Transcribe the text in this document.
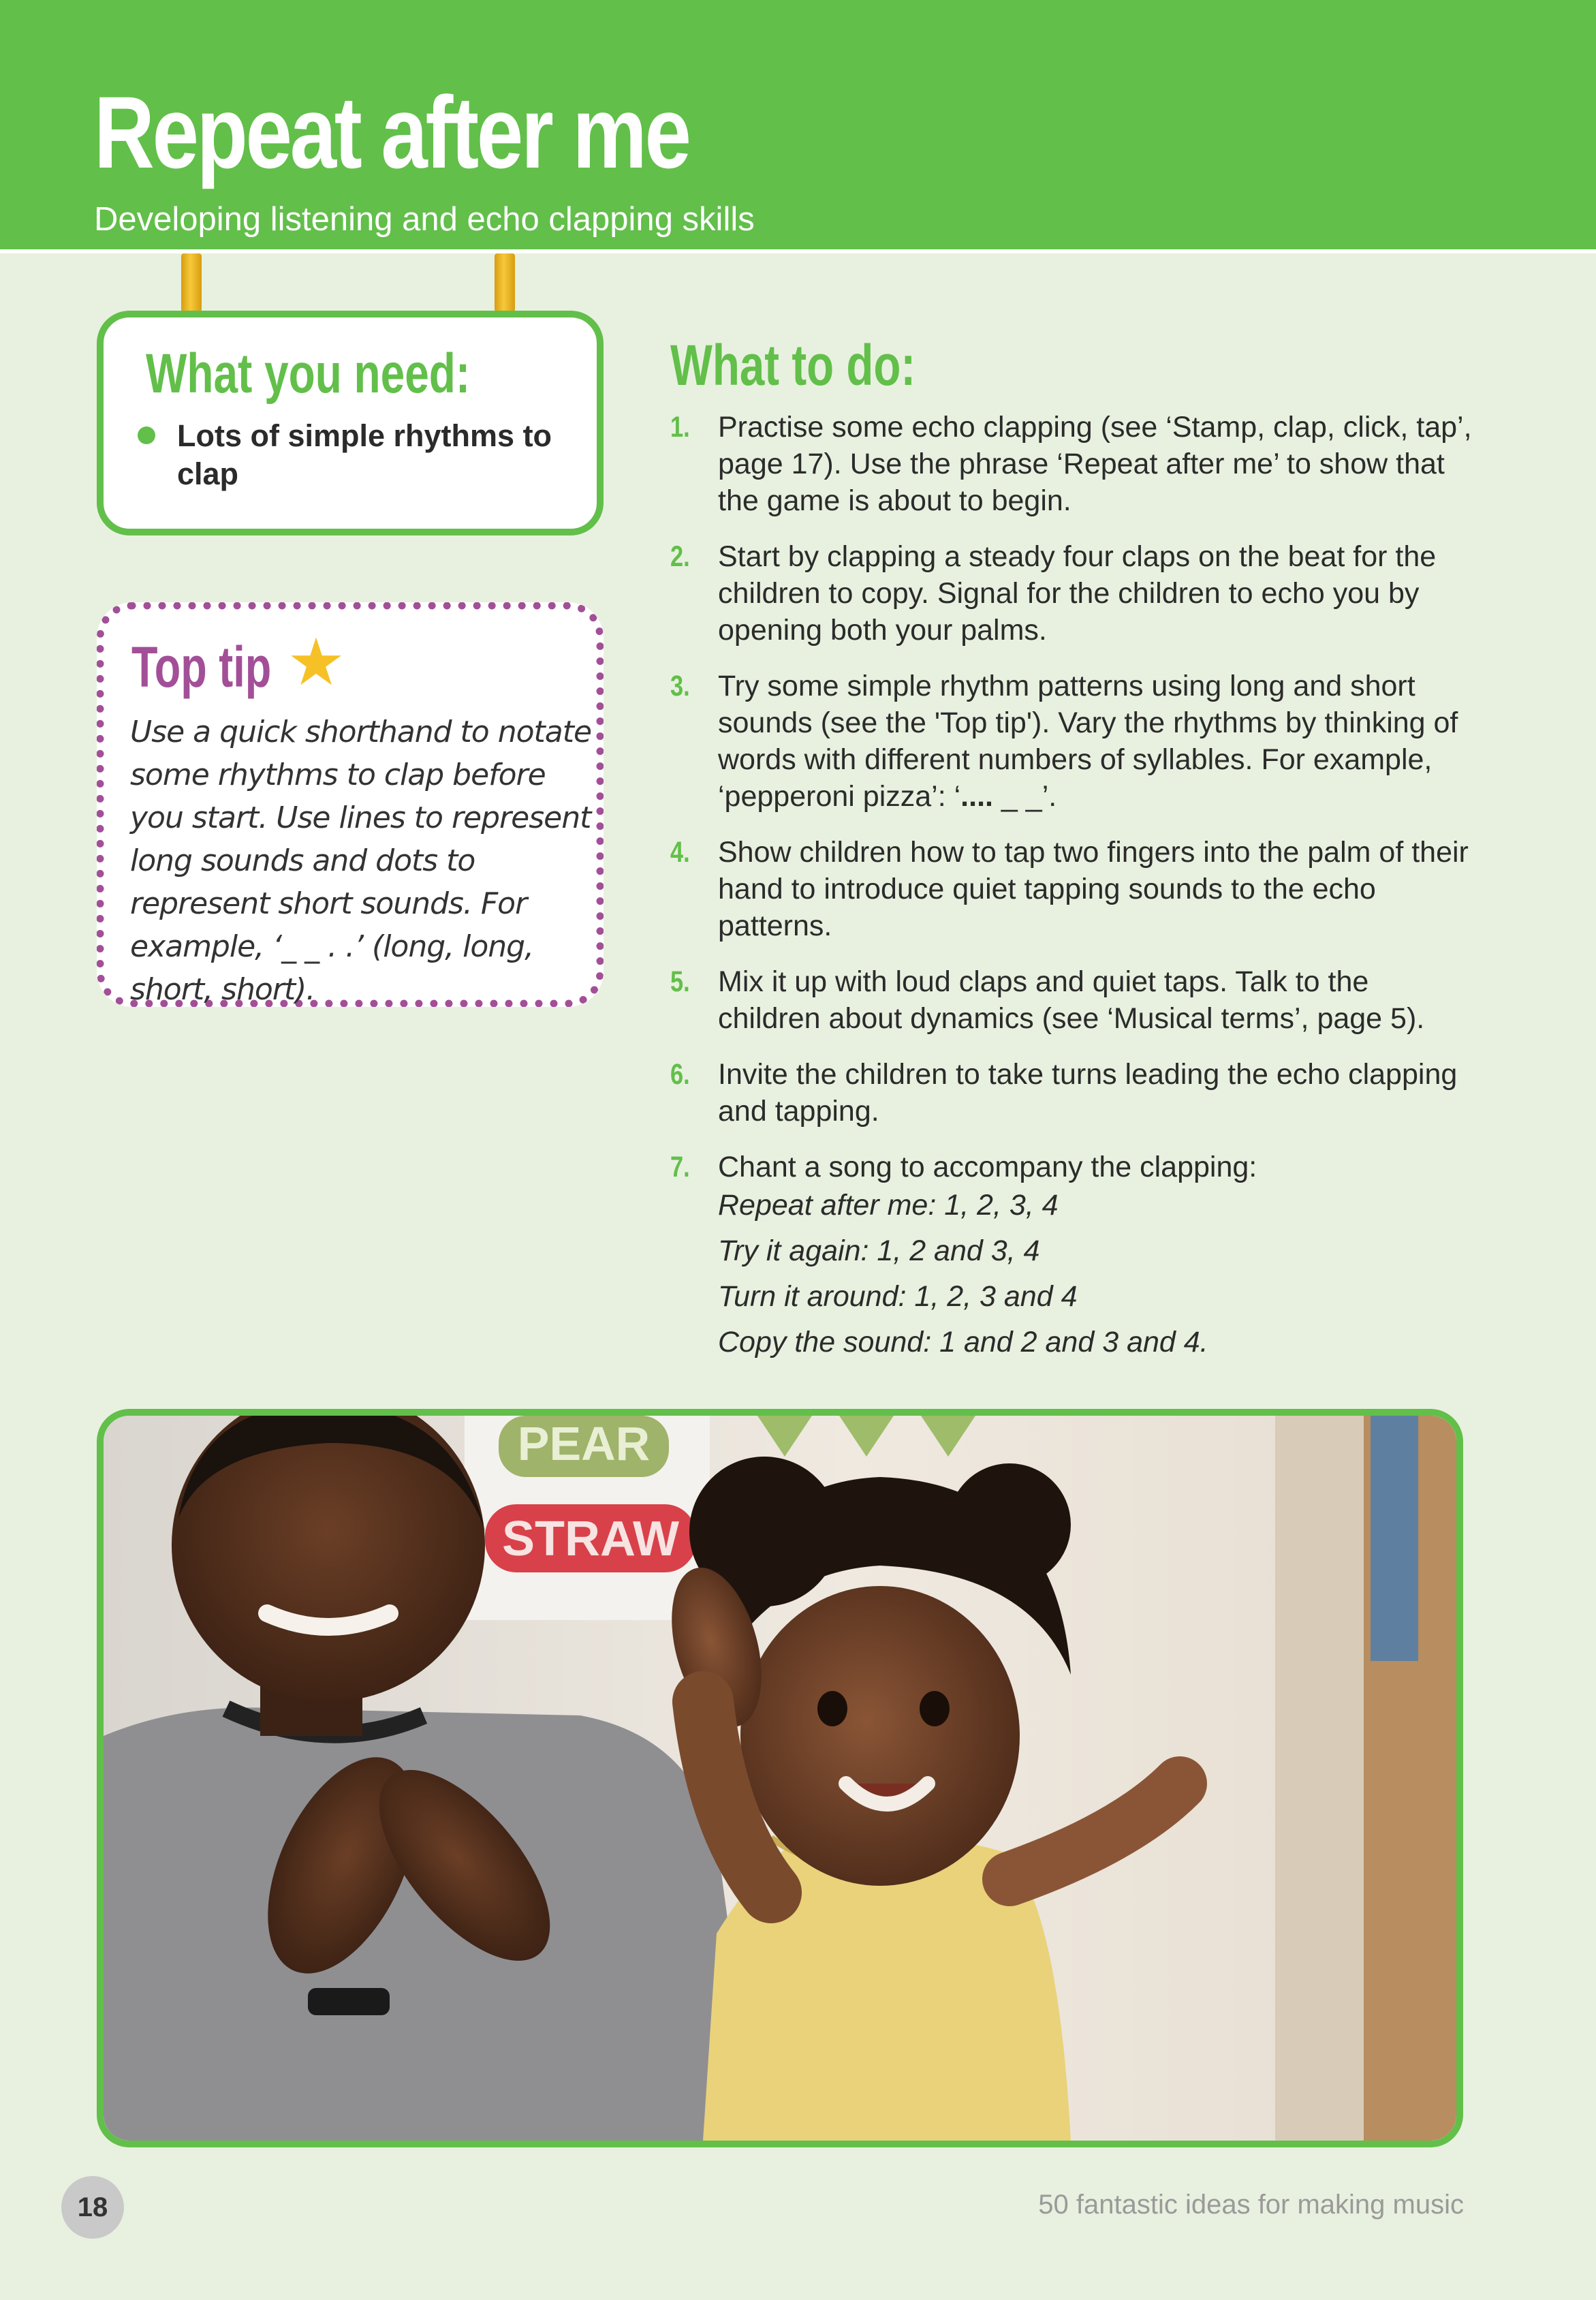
Repeat after me
Developing listening and echo clapping skills
What you need:
Lots of simple rhythms to clap
Top tip ★
Use a quick shorthand to notate some rhythms to clap before you start. Use lines to represent long sounds and dots to represent short sounds. For example, ‘_ _ . .’ (long, long, short, short).
What to do:
1. Practise some echo clapping (see ‘Stamp, clap, click, tap’, page 17). Use the phrase ‘Repeat after me’ to show that the game is about to begin.
2. Start by clapping a steady four claps on the beat for the children to copy. Signal for the children to echo you by opening both your palms.
3. Try some simple rhythm patterns using long and short sounds (see the 'Top tip'). Vary the rhythms by thinking of words with different numbers of syllables. For example, ‘pepperoni pizza’: ‘.... _ _’.
4. Show children how to tap two fingers into the palm of their hand to introduce quiet tapping sounds to the echo patterns.
5. Mix it up with loud claps and quiet taps. Talk to the children about dynamics (see ‘Musical terms’, page 5).
6. Invite the children to take turns leading the echo clapping and tapping.
7. Chant a song to accompany the clapping:
Repeat after me: 1, 2, 3, 4
Try it again: 1, 2 and 3, 4
Turn it around: 1, 2, 3 and 4
Copy the sound: 1 and 2 and 3 and 4.
PEAR
STRAW
18	50 fantastic ideas for making music
